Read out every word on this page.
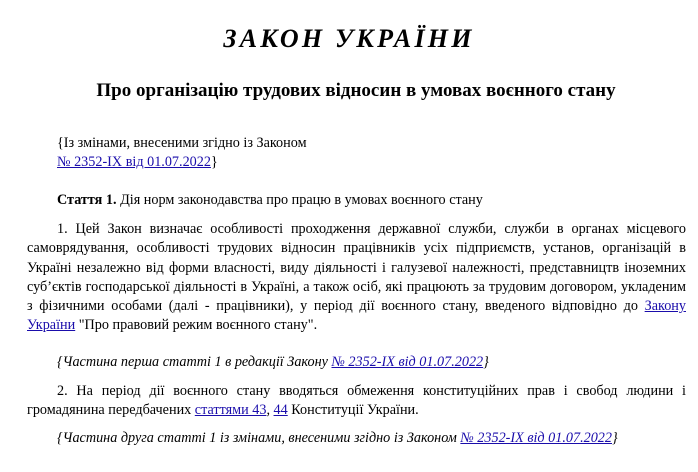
ЗАКОН УКРАЇНИ
Про організацію трудових відносин в умовах воєнного стану

{Із змінами, внесеними згідно із Законом
№ 2352-IX від 01.07.2022}

Стаття 1. Дія норм законодавства про працю в умовах воєнного стану

1. Цей Закон визначає особливості проходження державної служби, служби в органах місцевого самоврядування, особливості трудових відносин працівників усіх підприємств, установ, організацій в Україні незалежно від форми власності, виду діяльності і галузевої належності, представництв іноземних суб’єктів господарської діяльності в Україні, а також осіб, які працюють за трудовим договором, укладеним з фізичними особами (далі - працівники), у період дії воєнного стану, введеного відповідно до Закону України "Про правовий режим воєнного стану".

{Частина перша статті 1 в редакції Закону № 2352-IX від 01.07.2022}

2. На період дії воєнного стану вводяться обмеження конституційних прав і свобод людини і громадянина передбачених статтями 43, 44 Конституції України.

{Частина друга статті 1 із змінами, внесеними згідно із Законом № 2352-IX від 01.07.2022}
